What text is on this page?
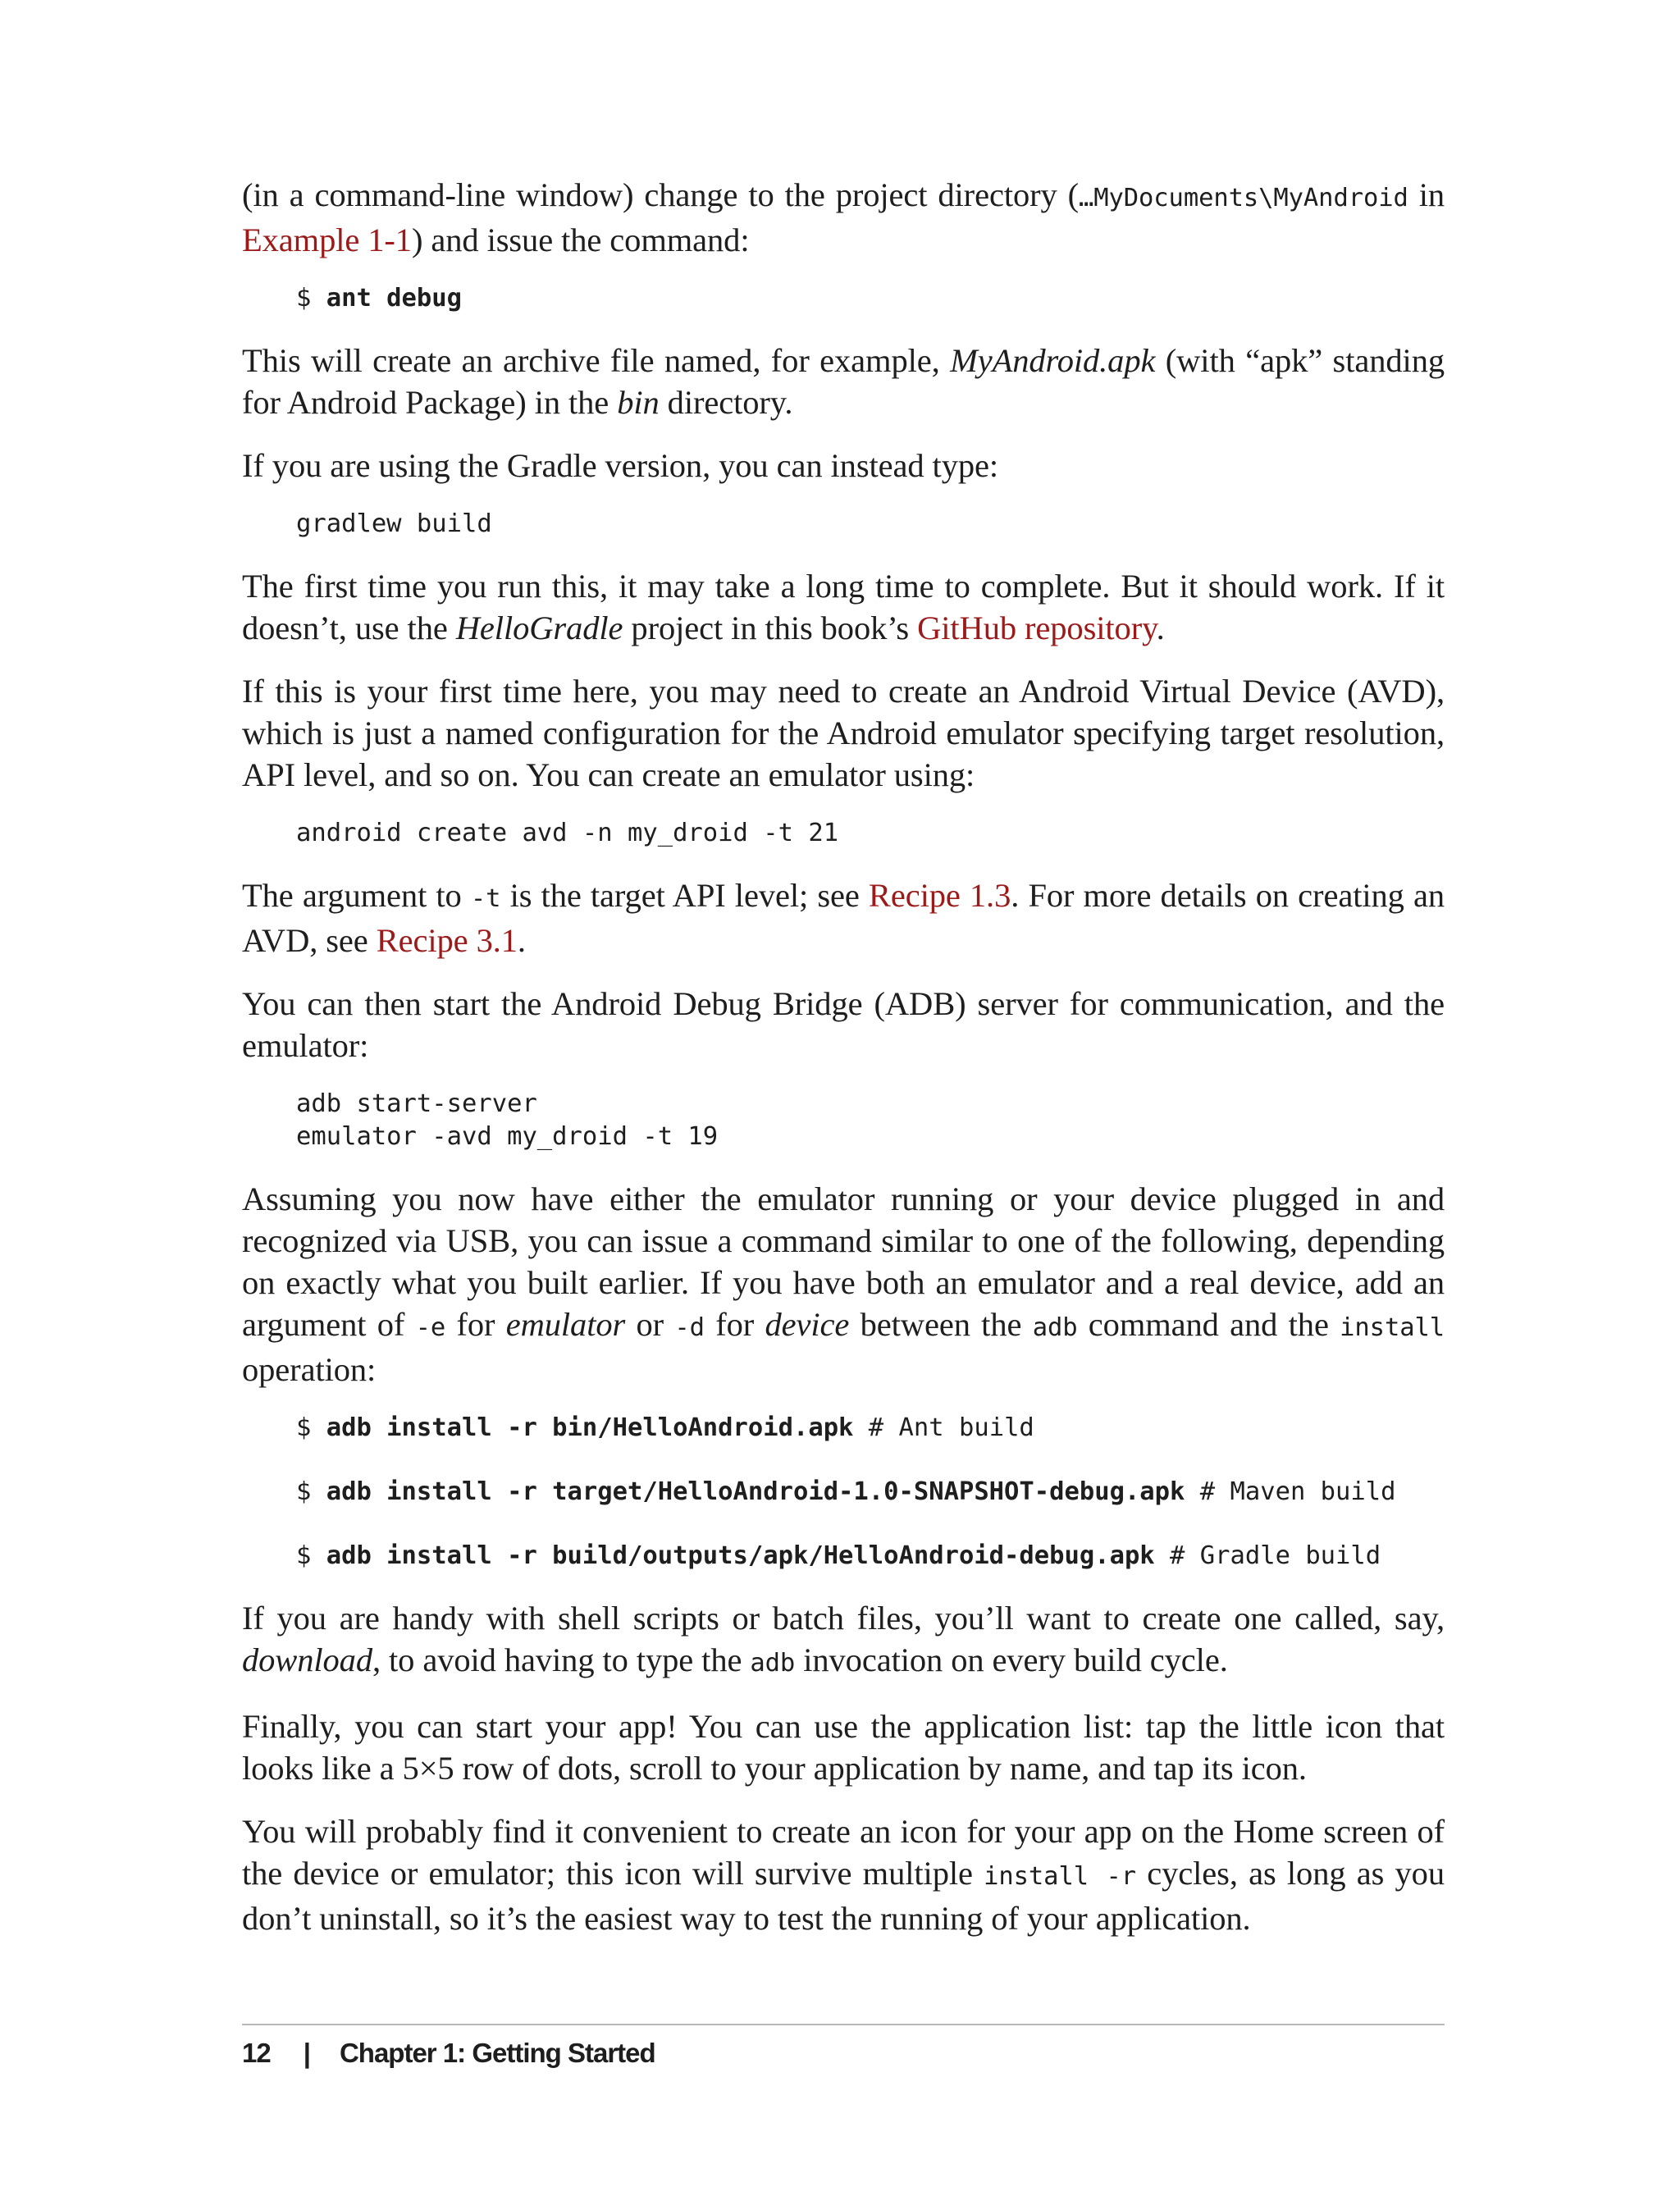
(in a command-line window) change to the project directory (…MyDocuments\MyAndroid in Example 1-1) and issue the command:

$ ant debug

This will create an archive file named, for example, MyAndroid.apk (with “apk” standing for Android Package) in the bin directory.

If you are using the Gradle version, you can instead type:

gradlew build

The first time you run this, it may take a long time to complete. But it should work. If it doesn’t, use the HelloGradle project in this book’s GitHub repository.

If this is your first time here, you may need to create an Android Virtual Device (AVD), which is just a named configuration for the Android emulator specifying target resolution, API level, and so on. You can create an emulator using:

android create avd -n my_droid -t 21

The argument to -t is the target API level; see Recipe 1.3. For more details on creating an AVD, see Recipe 3.1.

You can then start the Android Debug Bridge (ADB) server for communication, and the emulator:

adb start-server
emulator -avd my_droid -t 19

Assuming you now have either the emulator running or your device plugged in and recognized via USB, you can issue a command similar to one of the following, depending on exactly what you built earlier. If you have both an emulator and a real device, add an argument of -e for emulator or -d for device between the adb command and the install operation:

$ adb install -r bin/HelloAndroid.apk # Ant build
$ adb install -r target/HelloAndroid-1.0-SNAPSHOT-debug.apk # Maven build
$ adb install -r build/outputs/apk/HelloAndroid-debug.apk # Gradle build

If you are handy with shell scripts or batch files, you’ll want to create one called, say, download, to avoid having to type the adb invocation on every build cycle.

Finally, you can start your app! You can use the application list: tap the little icon that looks like a 5×5 row of dots, scroll to your application by name, and tap its icon.

You will probably find it convenient to create an icon for your app on the Home screen of the device or emulator; this icon will survive multiple install -r cycles, as long as you don’t uninstall, so it’s the easiest way to test the running of your application.

12 | Chapter 1: Getting Started
